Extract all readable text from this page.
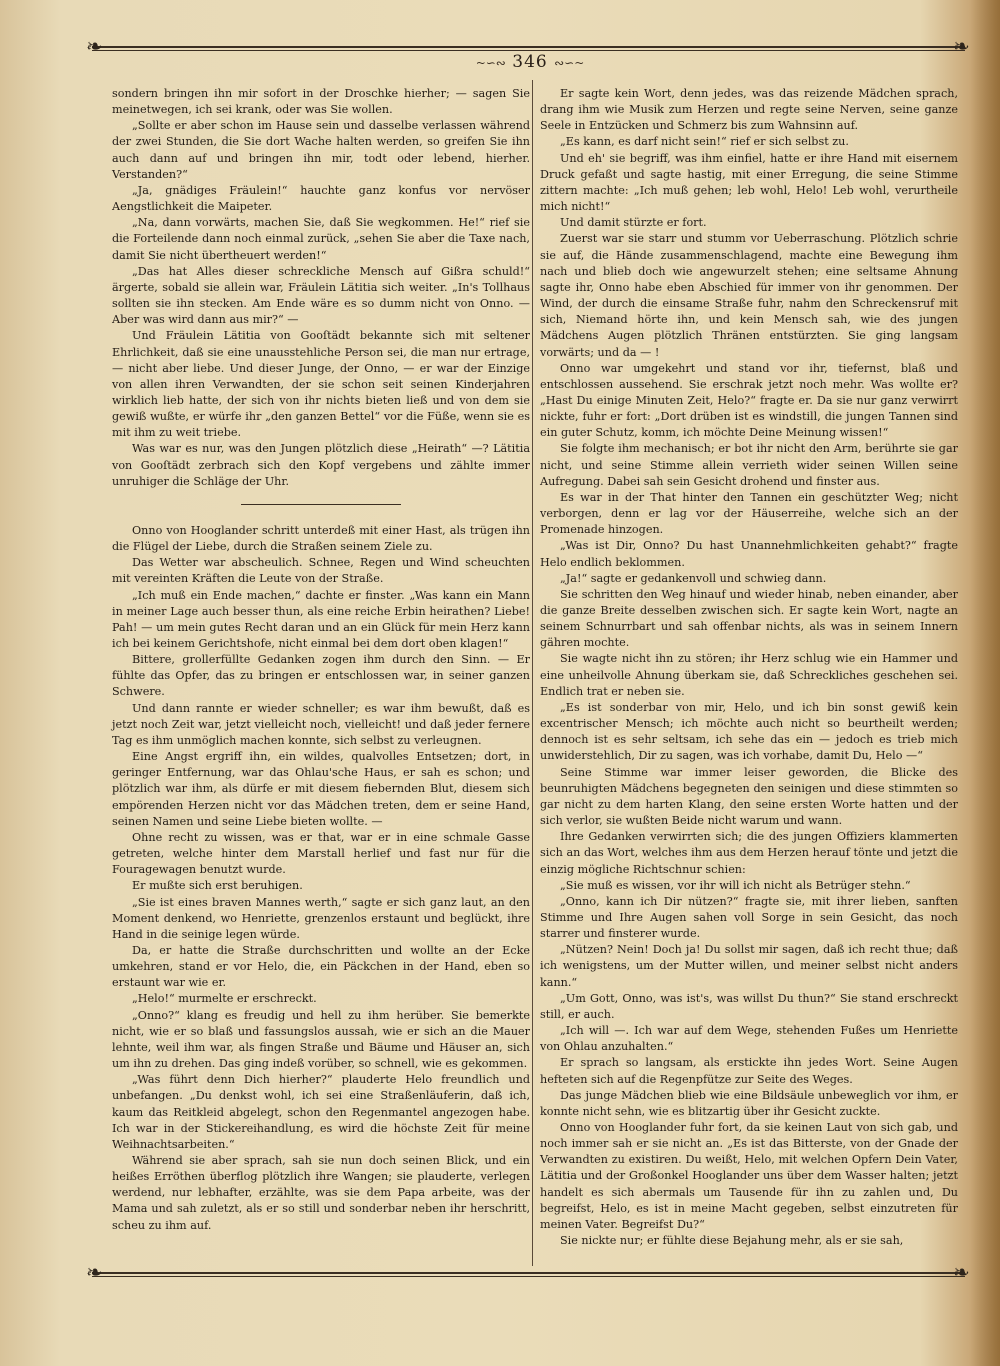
❧	❧
❧	❧
~∽∾ 346 ∾∽~

sondern bringen ihn mir sofort in der Droschke hierher; — sagen Sie meinetwegen, ich sei krank, oder was Sie wollen.

„Sollte er aber schon im Hause sein und dasselbe verlassen während der zwei Stunden, die Sie dort Wache halten werden, so greifen Sie ihn auch dann auf und bringen ihn mir, todt oder lebend, hierher. Verstanden?“

„Ja, gnädiges Fräulein!“ hauchte ganz konfus vor nervöser Aengstlichkeit die Maipeter.

„Na, dann vorwärts, machen Sie, daß Sie wegkommen. He!“ rief sie die Forteilende dann noch einmal zurück, „sehen Sie aber die Taxe nach, damit Sie nicht übertheuert werden!“

„Das hat Alles dieser schreckliche Mensch auf Gißra schuld!“ ärgerte, sobald sie allein war, Fräulein Lätitia sich weiter. „In's Tollhaus sollten sie ihn stecken. Am Ende wäre es so dumm nicht von Onno. — Aber was wird dann aus mir?“ —

Und Fräulein Lätitia von Gooſtädt bekannte sich mit seltener Ehrlichkeit, daß sie eine unausstehliche Person sei, die man nur ertrage, — nicht aber liebe. Und dieser Junge, der Onno, — er war der Einzige von allen ihren Verwandten, der sie schon seit seinen Kinderjahren wirklich lieb hatte, der sich von ihr nichts bieten ließ und von dem sie gewiß wußte, er würfe ihr „den ganzen Bettel“ vor die Füße, wenn sie es mit ihm zu weit triebe.

Was war es nur, was den Jungen plötzlich diese „Heirath“ —? Lätitia von Gooſtädt zerbrach sich den Kopf vergebens und zählte immer unruhiger die Schläge der Uhr.

Onno von Hooglander schritt unterdeß mit einer Hast, als trügen ihn die Flügel der Liebe, durch die Straßen seinem Ziele zu.

Das Wetter war abscheulich. Schnee, Regen und Wind scheuchten mit vereinten Kräften die Leute von der Straße.

„Ich muß ein Ende machen,“ dachte er finster. „Was kann ein Mann in meiner Lage auch besser thun, als eine reiche Erbin heirathen? Liebe! Pah! — um mein gutes Recht daran und an ein Glück für mein Herz kann ich bei keinem Gerichtshofe, nicht einmal bei dem dort oben klagen!“

Bittere, grollerfüllte Gedanken zogen ihm durch den Sinn. — Er fühlte das Opfer, das zu bringen er entschlossen war, in seiner ganzen Schwere.

Und dann rannte er wieder schneller; es war ihm bewußt, daß es jetzt noch Zeit war, jetzt vielleicht noch, vielleicht! und daß jeder fernere Tag es ihm unmöglich machen konnte, sich selbst zu verleugnen.

Eine Angst ergriff ihn, ein wildes, qualvolles Entsetzen; dort, in geringer Entfernung, war das Ohlau'sche Haus, er sah es schon; und plötzlich war ihm, als dürfe er mit diesem fiebernden Blut, diesem sich empörenden Herzen nicht vor das Mädchen treten, dem er seine Hand, seinen Namen und seine Liebe bieten wollte. —

Ohne recht zu wissen, was er that, war er in eine schmale Gasse getreten, welche hinter dem Marstall herlief und fast nur für die Fouragewagen benutzt wurde.

Er mußte sich erst beruhigen.

„Sie ist eines braven Mannes werth,“ sagte er sich ganz laut, an den Moment denkend, wo Henriette, grenzenlos erstaunt und beglückt, ihre Hand in die seinige legen würde.

Da, er hatte die Straße durchschritten und wollte an der Ecke umkehren, stand er vor Helo, die, ein Päckchen in der Hand, eben so erstaunt war wie er.

„Helo!“ murmelte er erschreckt.

„Onno?“ klang es freudig und hell zu ihm herüber. Sie bemerkte nicht, wie er so blaß und fassungslos aussah, wie er sich an die Mauer lehnte, weil ihm war, als fingen Straße und Bäume und Häuser an, sich um ihn zu drehen. Das ging indeß vorüber, so schnell, wie es gekommen.

„Was führt denn Dich hierher?“ plauderte Helo freundlich und unbefangen. „Du denkst wohl, ich sei eine Straßenläuferin, daß ich, kaum das Reitkleid abgelegt, schon den Regenmantel angezogen habe. Ich war in der Stickereihandlung, es wird die höchste Zeit für meine Weihnachtsarbeiten.“

Während sie aber sprach, sah sie nun doch seinen Blick, und ein heißes Erröthen überflog plötzlich ihre Wangen; sie plauderte, verlegen werdend, nur lebhafter, erzählte, was sie dem Papa arbeite, was der Mama und sah zuletzt, als er so still und sonderbar neben ihr herschritt, scheu zu ihm auf.

Er sagte kein Wort, denn jedes, was das reizende Mädchen sprach, drang ihm wie Musik zum Herzen und regte seine Nerven, seine ganze Seele in Entzücken und Schmerz bis zum Wahnsinn auf.

„Es kann, es darf nicht sein!“ rief er sich selbst zu.

Und eh' sie begriff, was ihm einfiel, hatte er ihre Hand mit eisernem Druck gefaßt und sagte hastig, mit einer Erregung, die seine Stimme zittern machte: „Ich muß gehen; leb wohl, Helo! Leb wohl, verurtheile mich nicht!“

Und damit stürzte er fort.

Zuerst war sie starr und stumm vor Ueberraschung. Plötzlich schrie sie auf, die Hände zusammenschlagend, machte eine Bewegung ihm nach und blieb doch wie angewurzelt stehen; eine seltsame Ahnung sagte ihr, Onno habe eben Abschied für immer von ihr genommen. Der Wind, der durch die einsame Straße fuhr, nahm den Schreckensruf mit sich, Niemand hörte ihn, und kein Mensch sah, wie des jungen Mädchens Augen plötzlich Thränen entstürzten. Sie ging langsam vorwärts; und da — !

Onno war umgekehrt und stand vor ihr, tiefernst, blaß und entschlossen aussehend. Sie erschrak jetzt noch mehr. Was wollte er? „Hast Du einige Minuten Zeit, Helo?“ fragte er. Da sie nur ganz verwirrt nickte, fuhr er fort: „Dort drüben ist es windstill, die jungen Tannen sind ein guter Schutz, komm, ich möchte Deine Meinung wissen!“

Sie folgte ihm mechanisch; er bot ihr nicht den Arm, berührte sie gar nicht, und seine Stimme allein verrieth wider seinen Willen seine Aufregung. Dabei sah sein Gesicht drohend und finster aus.

Es war in der That hinter den Tannen ein geschützter Weg; nicht verborgen, denn er lag vor der Häuserreihe, welche sich an der Promenade hinzogen.

„Was ist Dir, Onno? Du hast Unannehmlichkeiten gehabt?“ fragte Helo endlich beklommen.

„Ja!“ sagte er gedankenvoll und schwieg dann.

Sie schritten den Weg hinauf und wieder hinab, neben einander, aber die ganze Breite desselben zwischen sich. Er sagte kein Wort, nagte an seinem Schnurrbart und sah offenbar nichts, als was in seinem Innern gähren mochte.

Sie wagte nicht ihn zu stören; ihr Herz schlug wie ein Hammer und eine unheilvolle Ahnung überkam sie, daß Schreckliches geschehen sei. Endlich trat er neben sie.

„Es ist sonderbar von mir, Helo, und ich bin sonst gewiß kein excentrischer Mensch; ich möchte auch nicht so beurtheilt werden; dennoch ist es sehr seltsam, ich sehe das ein — jedoch es trieb mich unwiderstehlich, Dir zu sagen, was ich vorhabe, damit Du, Helo —“

Seine Stimme war immer leiser geworden, die Blicke des beunruhigten Mädchens begegneten den seinigen und diese stimmten so gar nicht zu dem harten Klang, den seine ersten Worte hatten und der sich verlor, sie wußten Beide nicht warum und wann.

Ihre Gedanken verwirrten sich; die des jungen Offiziers klammerten sich an das Wort, welches ihm aus dem Herzen herauf tönte und jetzt die einzig mögliche Richtschnur schien:

„Sie muß es wissen, vor ihr will ich nicht als Betrüger stehn.“

„Onno, kann ich Dir nützen?“ fragte sie, mit ihrer lieben, sanften Stimme und Ihre Augen sahen voll Sorge in sein Gesicht, das noch starrer und finsterer wurde.

„Nützen? Nein! Doch ja! Du sollst mir sagen, daß ich recht thue; daß ich wenigstens, um der Mutter willen, und meiner selbst nicht anders kann.“

„Um Gott, Onno, was ist's, was willst Du thun?“ Sie stand erschreckt still, er auch.

„Ich will —. Ich war auf dem Wege, stehenden Fußes um Henriette von Ohlau anzuhalten.“

Er sprach so langsam, als erstickte ihn jedes Wort. Seine Augen hefteten sich auf die Regenpfütze zur Seite des Weges.

Das junge Mädchen blieb wie eine Bildsäule unbeweglich vor ihm, er konnte nicht sehn, wie es blitzartig über ihr Gesicht zuckte.

Onno von Hooglander fuhr fort, da sie keinen Laut von sich gab, und noch immer sah er sie nicht an. „Es ist das Bitterste, von der Gnade der Verwandten zu existiren. Du weißt, Helo, mit welchen Opfern Dein Vater, Lätitia und der Großonkel Hooglander uns über dem Wasser halten; jetzt handelt es sich abermals um Tausende für ihn zu zahlen und, Du begreifst, Helo, es ist in meine Macht gegeben, selbst einzutreten für meinen Vater. Begreifst Du?“

Sie nickte nur; er fühlte diese Bejahung mehr, als er sie sah,
